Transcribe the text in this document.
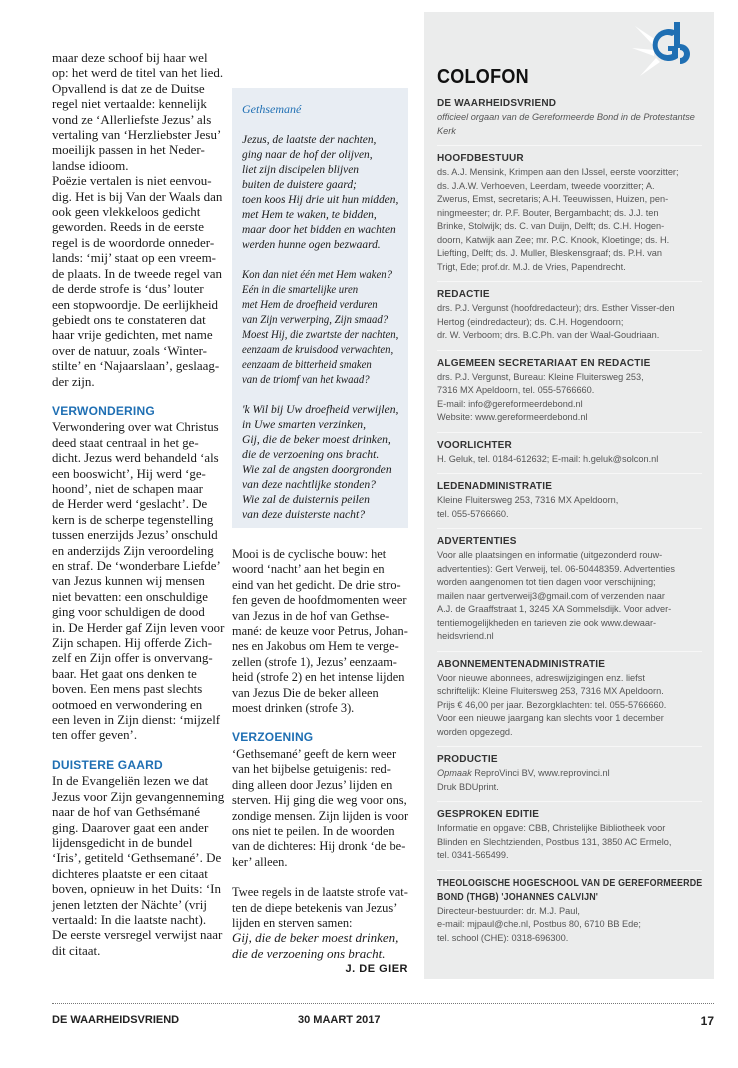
maar deze schoof bij haar wel
op: het werd de titel van het lied.
Opvallend is dat ze de Duitse
regel niet vertaalde: kennelijk
vond ze ‘Allerliefste Jezus’ als
vertaling van ‘Herzliebster Jesu’
moeilijk passen in het Neder-
landse idioom.
Poëzie vertalen is niet eenvou-
dig. Het is bij Van der Waals dan
ook geen vlekkeloos gedicht
geworden. Reeds in de eerste
regel is de woordorde onneder-
lands: ‘mij’ staat op een vreem-
de plaats. In de tweede regel van
de derde strofe is ‘dus’ louter
een stopwoordje. De eerlijkheid
gebiedt ons te constateren dat
haar vrije gedichten, met name
over de natuur, zoals ‘Winter-
stilte’ en ‘Najaarslaan’, geslaag-
der zijn.
VERWONDERING
Verwondering over wat Christus
deed staat centraal in het ge-
dicht. Jezus werd behandeld ‘als
een booswicht’, Hij werd ‘ge-
hoond’, niet de schapen maar
de Herder werd ‘geslacht’. De
kern is de scherpe tegenstelling
tussen enerzijds Jezus’ onschuld
en anderzijds Zijn veroordeling
en straf. De ‘wonderbare Liefde’
van Jezus kunnen wij mensen
niet bevatten: een onschuldige
ging voor schuldigen de dood
in. De Herder gaf Zijn leven voor
Zijn schapen. Hij offerde Zich-
zelf en Zijn offer is onvervang-
baar. Het gaat ons denken te
boven. Een mens past slechts
ootmoed en verwondering en
een leven in Zijn dienst: ‘mijzelf
ten offer geven’.
DUISTERE GAARD
In de Evangeliën lezen we dat
Jezus voor Zijn gevangenneming
naar de hof van Gethsémané
ging. Daarover gaat een ander
lijdensgedicht in de bundel
‘Iris’, getiteld ‘Gethsemané’. De
dichteres plaatste er een citaat
boven, opnieuw in het Duits: ‘In
jenen letzten der Nächte’ (vrij
vertaald: In die laatste nacht).
De eerste versregel verwijst naar
dit citaat.
Gethsemané
Jezus, de laatste der nachten,
ging naar de hof der olijven,
liet zijn discipelen blijven
buiten de duistere gaard;
toen koos Hij drie uit hun midden,
met Hem te waken, te bidden,
maar door het bidden en wachten
werden hunne ogen bezwaard.
Kon dan niet één met Hem waken?
Eén in die smartelijke uren
met Hem de droefheid verduren
van Zijn verwerping, Zijn smaad?
Moest Hij, die zwartste der nachten,
eenzaam de kruisdood verwachten,
eenzaam de bitterheid smaken
van de triomf van het kwaad?
'k Wil bij Uw droefheid verwijlen,
in Uwe smarten verzinken,
Gij, die de beker moest drinken,
die de verzoening ons bracht.
Wie zal de angsten doorgronden
van deze nachtlijke stonden?
Wie zal de duisternis peilen
van deze duisterste nacht?
Mooi is de cyclische bouw: het
woord ‘nacht’ aan het begin en
eind van het gedicht. De drie stro-
fen geven de hoofdmomenten weer
van Jezus in de hof van Gethse-
mané: de keuze voor Petrus, Johan-
nes en Jakobus om Hem te verge-
zellen (strofe 1), Jezus’ eenzaam-
heid (strofe 2) en het intense lijden
van Jezus Die de beker alleen
moest drinken (strofe 3).
VERZOENING
‘Gethsemané’ geeft de kern weer
van het bijbelse getuigenis: red-
ding alleen door Jezus’ lijden en
sterven. Hij ging die weg voor ons,
zondige mensen. Zijn lijden is voor
ons niet te peilen. In de woorden
van de dichteres: Hij dronk ‘de be-
ker’ alleen.
Twee regels in de laatste strofe vat-
ten de diepe betekenis van Jezus’
lijden en sterven samen:
Gij, die de beker moest drinken,
die de verzoening ons bracht.
J. DE GIER
COLOFON
DE WAARHEIDSVRIEND
officieel orgaan van de Gereformeerde Bond in de Protestantse
Kerk
HOOFDBESTUUR
ds. A.J. Mensink, Krimpen aan den IJssel, eerste voorzitter;
ds. J.A.W. Verhoeven, Leerdam, tweede voorzitter; A.
Zwerus, Emst, secretaris; A.H. Teeuwissen, Huizen, pen-
ningmeester; dr. P.F. Bouter, Bergambacht; ds. J.J. ten
Brinke, Stolwijk; ds. C. van Duijn, Delft; ds. C.H. Hogen-
doorn, Katwijk aan Zee; mr. P.C. Knook, Kloetinge; ds. H.
Liefting, Delft; ds. J. Muller, Bleskensgraaf; ds. P.H. van
Trigt, Ede; prof.dr. M.J. de Vries, Papendrecht.
REDACTIE
drs. P.J. Vergunst (hoofdredacteur); drs. Esther Visser-den
Hertog (eindredacteur); ds. C.H. Hogendoorn;
dr. W. Verboom; drs. B.C.Ph. van der Waal-Goudriaan.
ALGEMEEN SECRETARIAAT EN REDACTIE
drs. P.J. Vergunst, Bureau: Kleine Fluitersweg 253,
7316 MX Apeldoorn, tel. 055-5766660.
E-mail: info@gereformeerdebond.nl
Website: www.gereformeerdebond.nl
VOORLICHTER
H. Geluk, tel. 0184-612632; E-mail: h.geluk@solcon.nl
LEDENADMINISTRATIE
Kleine Fluitersweg 253, 7316 MX Apeldoorn,
tel. 055-5766660.
ADVERTENTIES
Voor alle plaatsingen en informatie (uitgezonderd rouw-
advertenties): Gert Verweij, tel. 06-50448359. Advertenties
worden aangenomen tot tien dagen voor verschijning;
mailen naar gertverweij3@gmail.com of verzenden naar
A.J. de Graaffstraat 1, 3245 XA Sommelsdijk. Voor adver-
tentiemogelijkheden en tarieven zie ook www.dewaar-
heidsvriend.nl
ABONNEMENTENADMINISTRATIE
Voor nieuwe abonnees, adreswijzigingen enz. liefst
schriftelijk: Kleine Fluitersweg 253, 7316 MX Apeldoorn.
Prijs € 46,00 per jaar. Bezorgklachten: tel. 055-5766660.
Voor een nieuwe jaargang kan slechts voor 1 december
worden opgezegd.
PRODUCTIE
Opmaak ReproVinci BV, www.reprovinci.nl
Druk BDUprint.
GESPROKEN EDITIE
Informatie en opgave: CBB, Christelijke Bibliotheek voor
Blinden en Slechtzienden, Postbus 131, 3850 AC Ermelo,
tel. 0341-565499.
THEOLOGISCHE HOGESCHOOL VAN DE GEREFORMEERDE
BOND (THGB) 'JOHANNES CALVIJN'
Directeur-bestuurder: dr. M.J. Paul,
e-mail: mjpaul@che.nl, Postbus 80, 6710 BB Ede;
tel. school (CHE): 0318-696300.
DE WAARHEIDSVRIEND	30 MAART 2017	17
